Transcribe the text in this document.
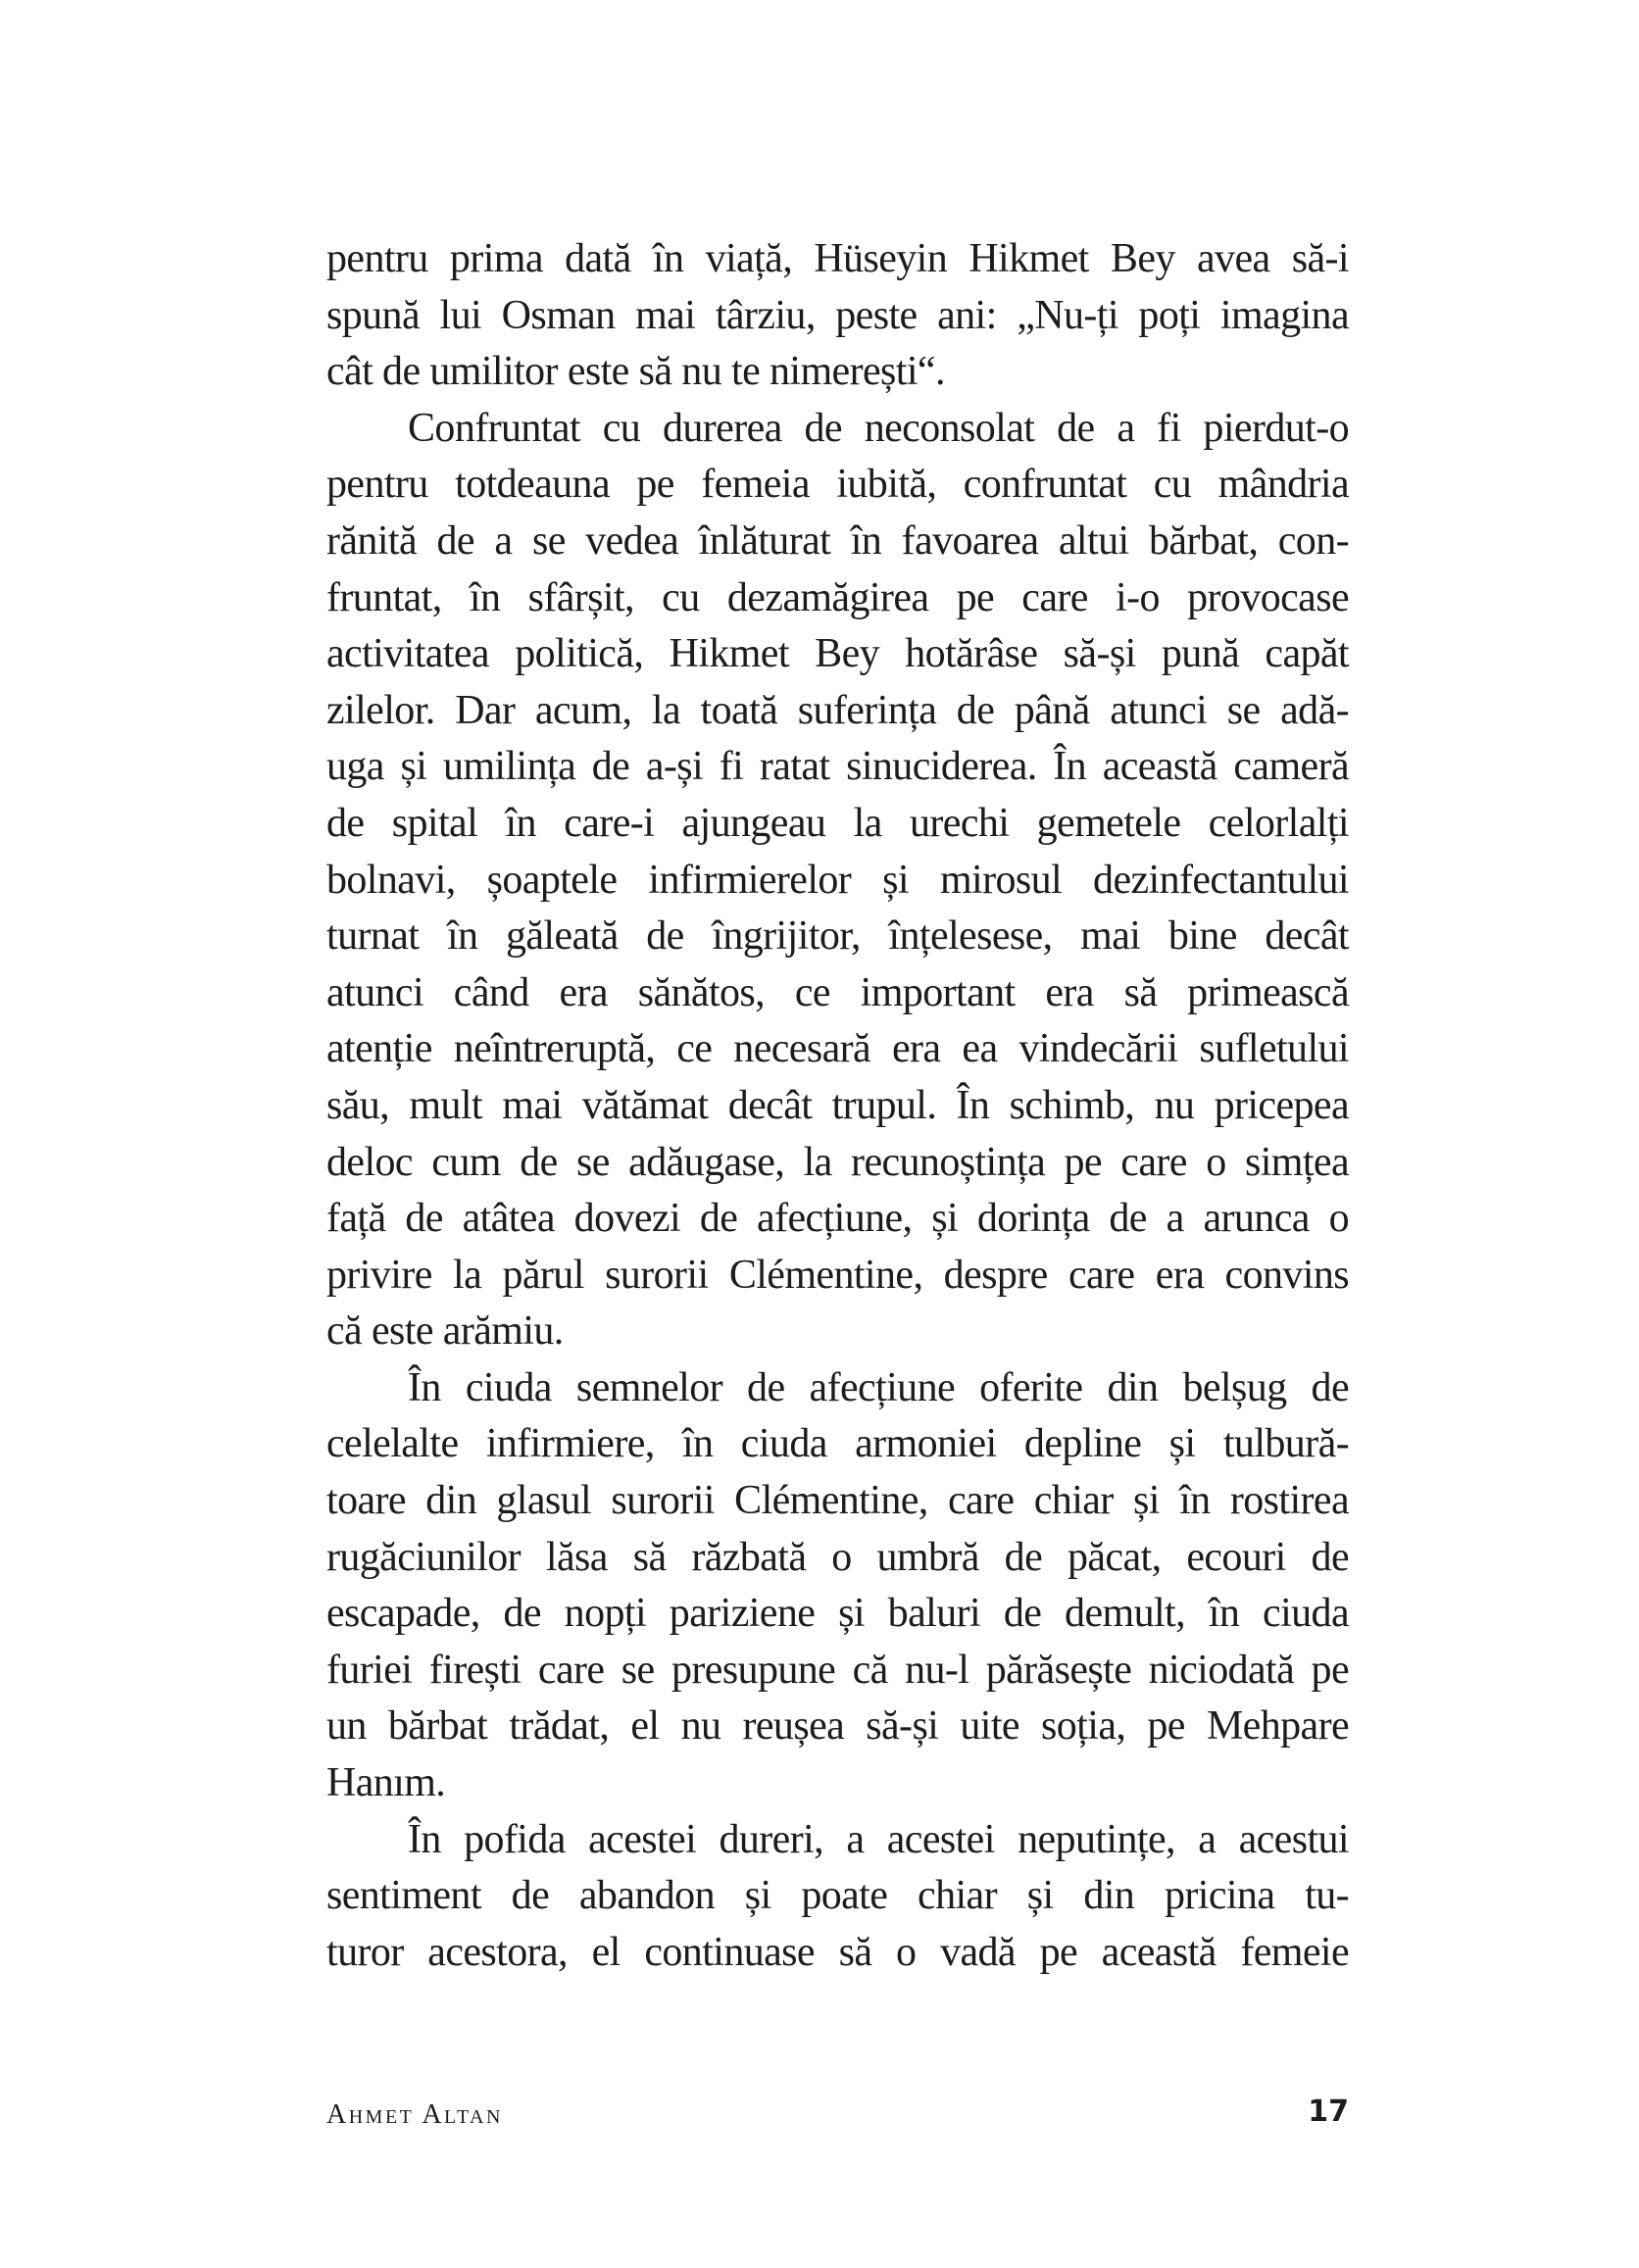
pentru prima dată în viață, Hüseyin Hikmet Bey avea să-i
spună lui Osman mai târziu, peste ani: „Nu-ți poți imagina
cât de umilitor este să nu te nimerești“.
Confruntat cu durerea de neconsolat de a fi pierdut-o
pentru totdeauna pe femeia iubită, confruntat cu mândria
rănită de a se vedea înlăturat în favoarea altui bărbat, con-
fruntat, în sfârșit, cu dezamăgirea pe care i-o provocase
activitatea politică, Hikmet Bey hotărâse să-și pună capăt
zilelor. Dar acum, la toată suferința de până atunci se adă-
uga și umilința de a-și fi ratat sinuciderea. În această cameră
de spital în care-i ajungeau la urechi gemetele celorlalți
bolnavi, șoaptele infirmierelor și mirosul dezinfectantului
turnat în găleată de îngrijitor, înțelesese, mai bine decât
atunci când era sănătos, ce important era să primească
atenție neîntreruptă, ce necesară era ea vindecării sufletului
său, mult mai vătămat decât trupul. În schimb, nu pricepea
deloc cum de se adăugase, la recunoștința pe care o simțea
față de atâtea dovezi de afecțiune, și dorința de a arunca o
privire la părul surorii Clémentine, despre care era convins
că este arămiu.
În ciuda semnelor de afecțiune oferite din belșug de
celelalte infirmiere, în ciuda armoniei depline și tulbură-
toare din glasul surorii Clémentine, care chiar și în rostirea
rugăciunilor lăsa să răzbată o umbră de păcat, ecouri de
escapade, de nopți pariziene și baluri de demult, în ciuda
furiei firești care se presupune că nu-l părăsește niciodată pe
un bărbat trădat, el nu reușea să-și uite soția, pe Mehpare
Hanım.
În pofida acestei dureri, a acestei neputințe, a acestui
sentiment de abandon și poate chiar și din pricina tu-
turor acestora, el continuase să o vadă pe această femeie
Ahmet Altan	17
